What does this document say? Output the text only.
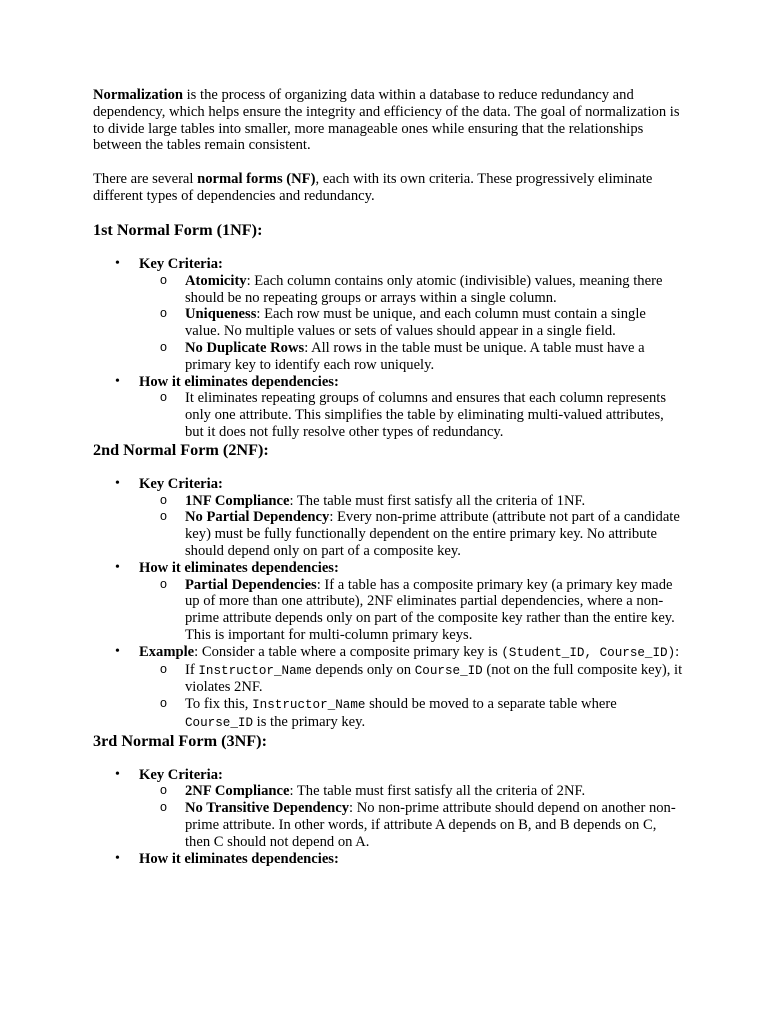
Normalization is the process of organizing data within a database to reduce redundancy and dependency, which helps ensure the integrity and efficiency of the data. The goal of normalization is to divide large tables into smaller, more manageable ones while ensuring that the relationships between the tables remain consistent.

There are several normal forms (NF), each with its own criteria. These progressively eliminate different types of dependencies and redundancy.

1st Normal Form (1NF):
• Key Criteria:
o Atomicity: Each column contains only atomic (indivisible) values, meaning there should be no repeating groups or arrays within a single column.
o Uniqueness: Each row must be unique, and each column must contain a single value. No multiple values or sets of values should appear in a single field.
o No Duplicate Rows: All rows in the table must be unique. A table must have a primary key to identify each row uniquely.
• How it eliminates dependencies:
o It eliminates repeating groups of columns and ensures that each column represents only one attribute. This simplifies the table by eliminating multi-valued attributes, but it does not fully resolve other types of redundancy.
2nd Normal Form (2NF):
• Key Criteria:
o 1NF Compliance: The table must first satisfy all the criteria of 1NF.
o No Partial Dependency: Every non-prime attribute (attribute not part of a candidate key) must be fully functionally dependent on the entire primary key. No attribute should depend only on part of a composite key.
• How it eliminates dependencies:
o Partial Dependencies: If a table has a composite primary key (a primary key made up of more than one attribute), 2NF eliminates partial dependencies, where a non-prime attribute depends only on part of the composite key rather than the entire key. This is important for multi-column primary keys.
• Example: Consider a table where a composite primary key is (Student_ID, Course_ID):
o If Instructor_Name depends only on Course_ID (not on the full composite key), it violates 2NF.
o To fix this, Instructor_Name should be moved to a separate table where Course_ID is the primary key.
3rd Normal Form (3NF):
• Key Criteria:
o 2NF Compliance: The table must first satisfy all the criteria of 2NF.
o No Transitive Dependency: No non-prime attribute should depend on another non-prime attribute. In other words, if attribute A depends on B, and B depends on C, then C should not depend on A.
• How it eliminates dependencies:
